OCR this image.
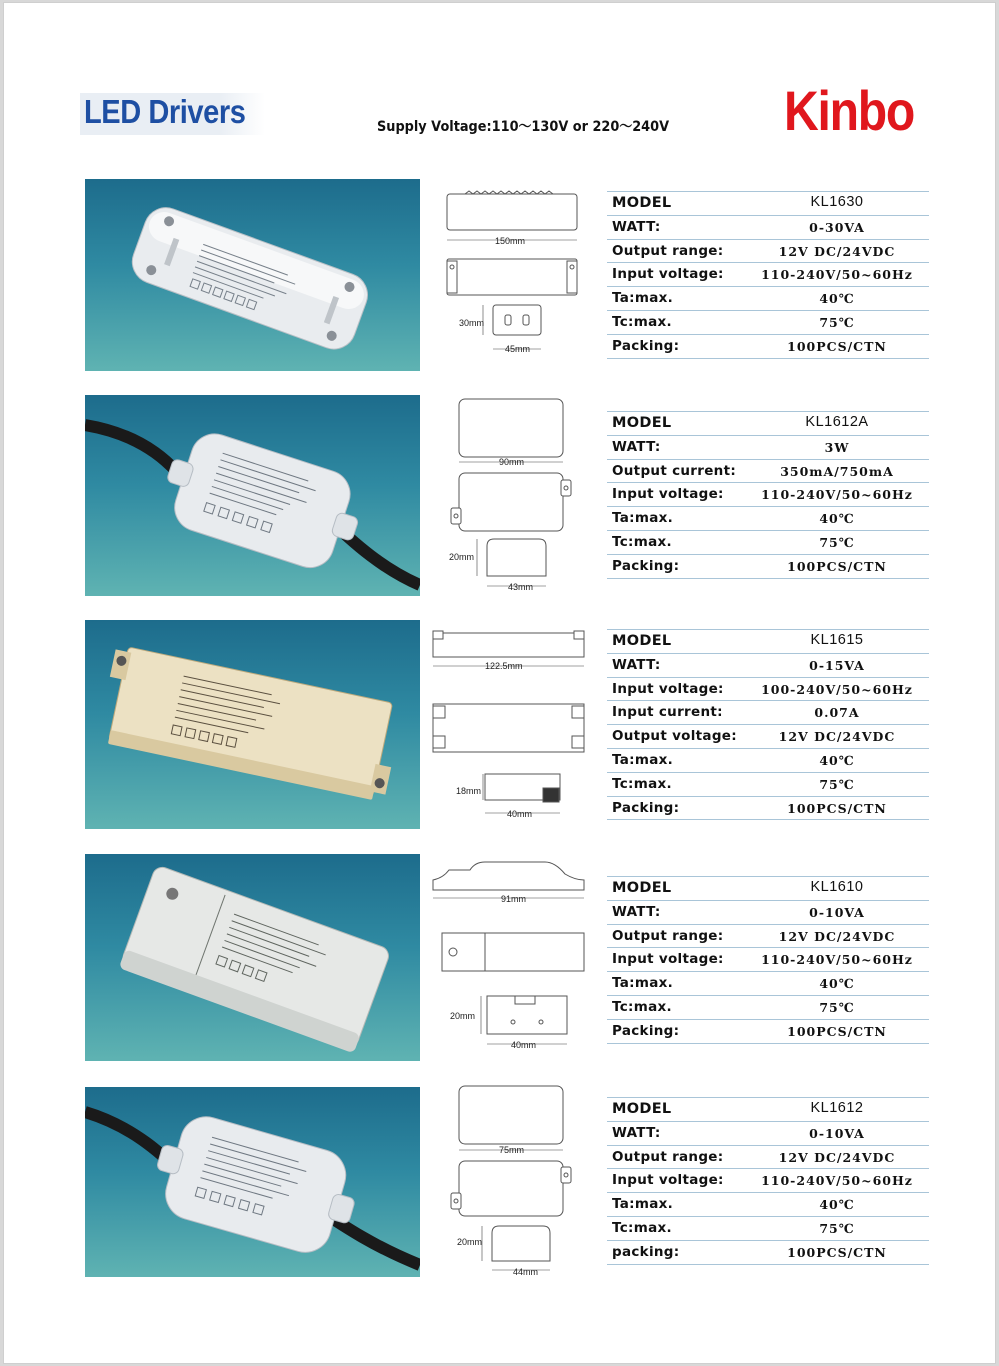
LED Drivers	Supply Voltage:110～130V or 220～240V Kinbo
150mm
30mm
45mm
MODEL	KL1630
WATT:	0-30VA
Output range:	12V DC/24VDC
Input voltage:	110-240V/50~60Hz
Ta:max.	40℃
Tc:max.	75℃
Packing:	100PCS/CTN
90mm
20mm
43mm
MODEL	KL1612A
WATT:	3W
Output current:	350mA/750mA
Input voltage:	110-240V/50~60Hz
Ta:max.	40℃
Tc:max.	75℃
Packing:	100PCS/CTN
122.5mm
18mm
40mm
MODEL	KL1615
WATT:	0-15VA
Input voltage:	100-240V/50~60Hz
Input current:	0.07A
Output voltage:	12V DC/24VDC
Ta:max.	40℃
Tc:max.	75℃
Packing:	100PCS/CTN
91mm
20mm
40mm
MODEL	KL1610
WATT:	0-10VA
Output range:	12V DC/24VDC
Input voltage:	110-240V/50~60Hz
Ta:max.	40℃
Tc:max.	75℃
Packing:	100PCS/CTN
75mm
20mm
44mm
MODEL	KL1612
WATT:	0-10VA
Output range:	12V DC/24VDC
Input voltage:	110-240V/50~60Hz
Ta:max.	40℃
Tc:max.	75℃
packing:	100PCS/CTN
